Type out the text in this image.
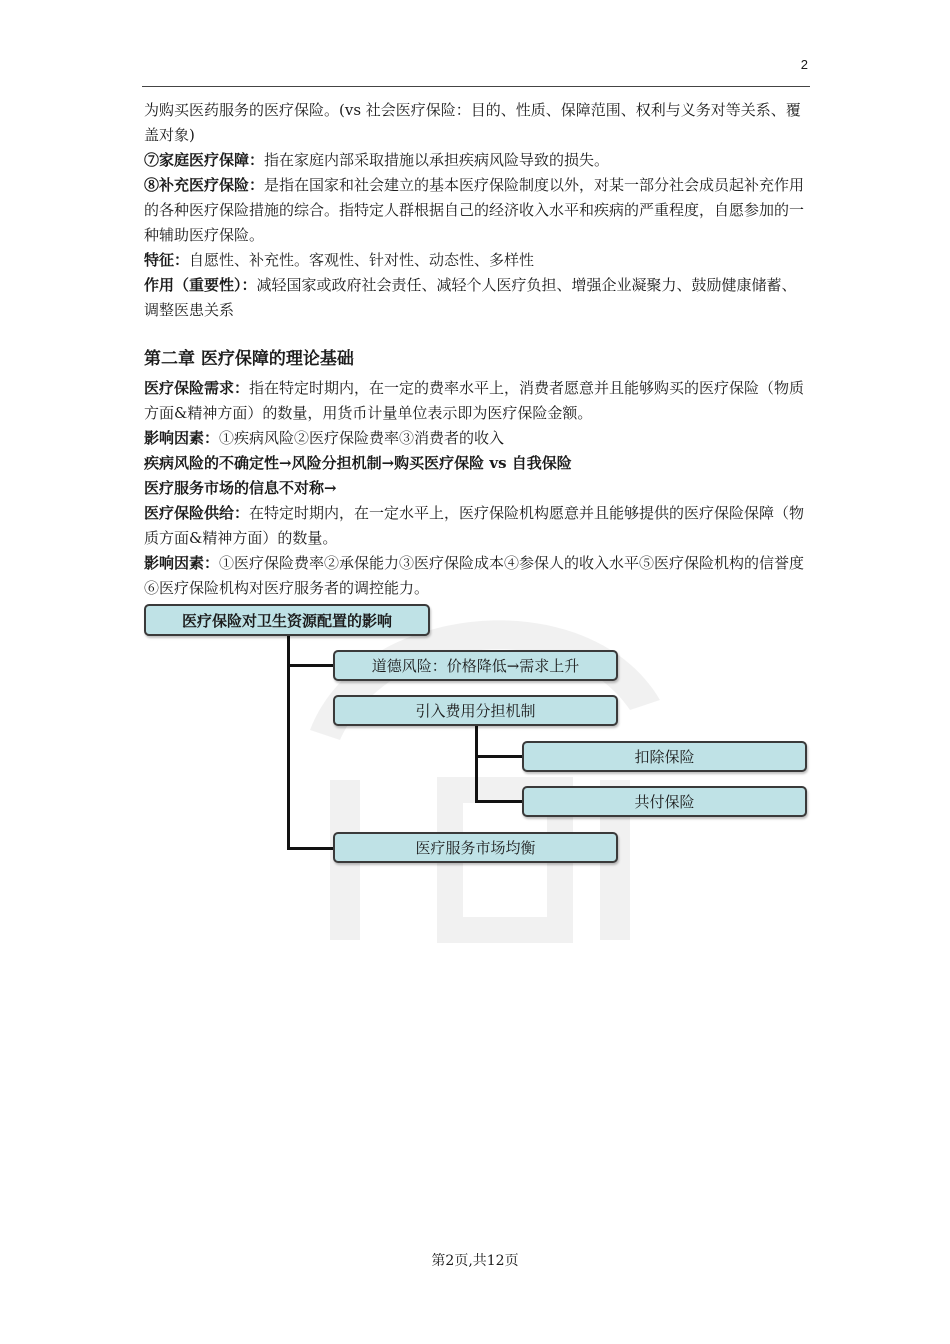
2

为购买医药服务的医疗保险。(vs 社会医疗保险：目的、性质、保障范围、权利与义务对等关系、覆盖对象)

⑦家庭医疗保障：指在家庭内部采取措施以承担疾病风险导致的损失。

⑧补充医疗保险：是指在国家和社会建立的基本医疗保险制度以外，对某一部分社会成员起补充作用的各种医疗保险措施的综合。指特定人群根据自己的经济收入水平和疾病的严重程度，自愿参加的一种辅助医疗保险。

特征：自愿性、补充性。客观性、针对性、动态性、多样性

作用（重要性）：减轻国家或政府社会责任、减轻个人医疗负担、增强企业凝聚力、鼓励健康储蓄、调整医患关系

第二章 医疗保障的理论基础

医疗保险需求：指在特定时期内，在一定的费率水平上，消费者愿意并且能够购买的医疗保险（物质方面&精神方面）的数量，用货币计量单位表示即为医疗保险金额。

影响因素：①疾病风险②医疗保险费率③消费者的收入

疾病风险的不确定性→风险分担机制→购买医疗保险 vs 自我保险

医疗服务市场的信息不对称→

医疗保险供给：在特定时期内，在一定水平上，医疗保险机构愿意并且能够提供的医疗保险保障（物质方面&精神方面）的数量。

影响因素：①医疗保险费率②承保能力③医疗保险成本④参保人的收入水平⑤医疗保险机构的信誉度⑥医疗保险机构对医疗服务者的调控能力。

医疗保险对卫生资源配置的影响
道德风险：价格降低→需求上升
引入费用分担机制
扣除保险
共付保险
医疗服务市场均衡
第2页,共12页
